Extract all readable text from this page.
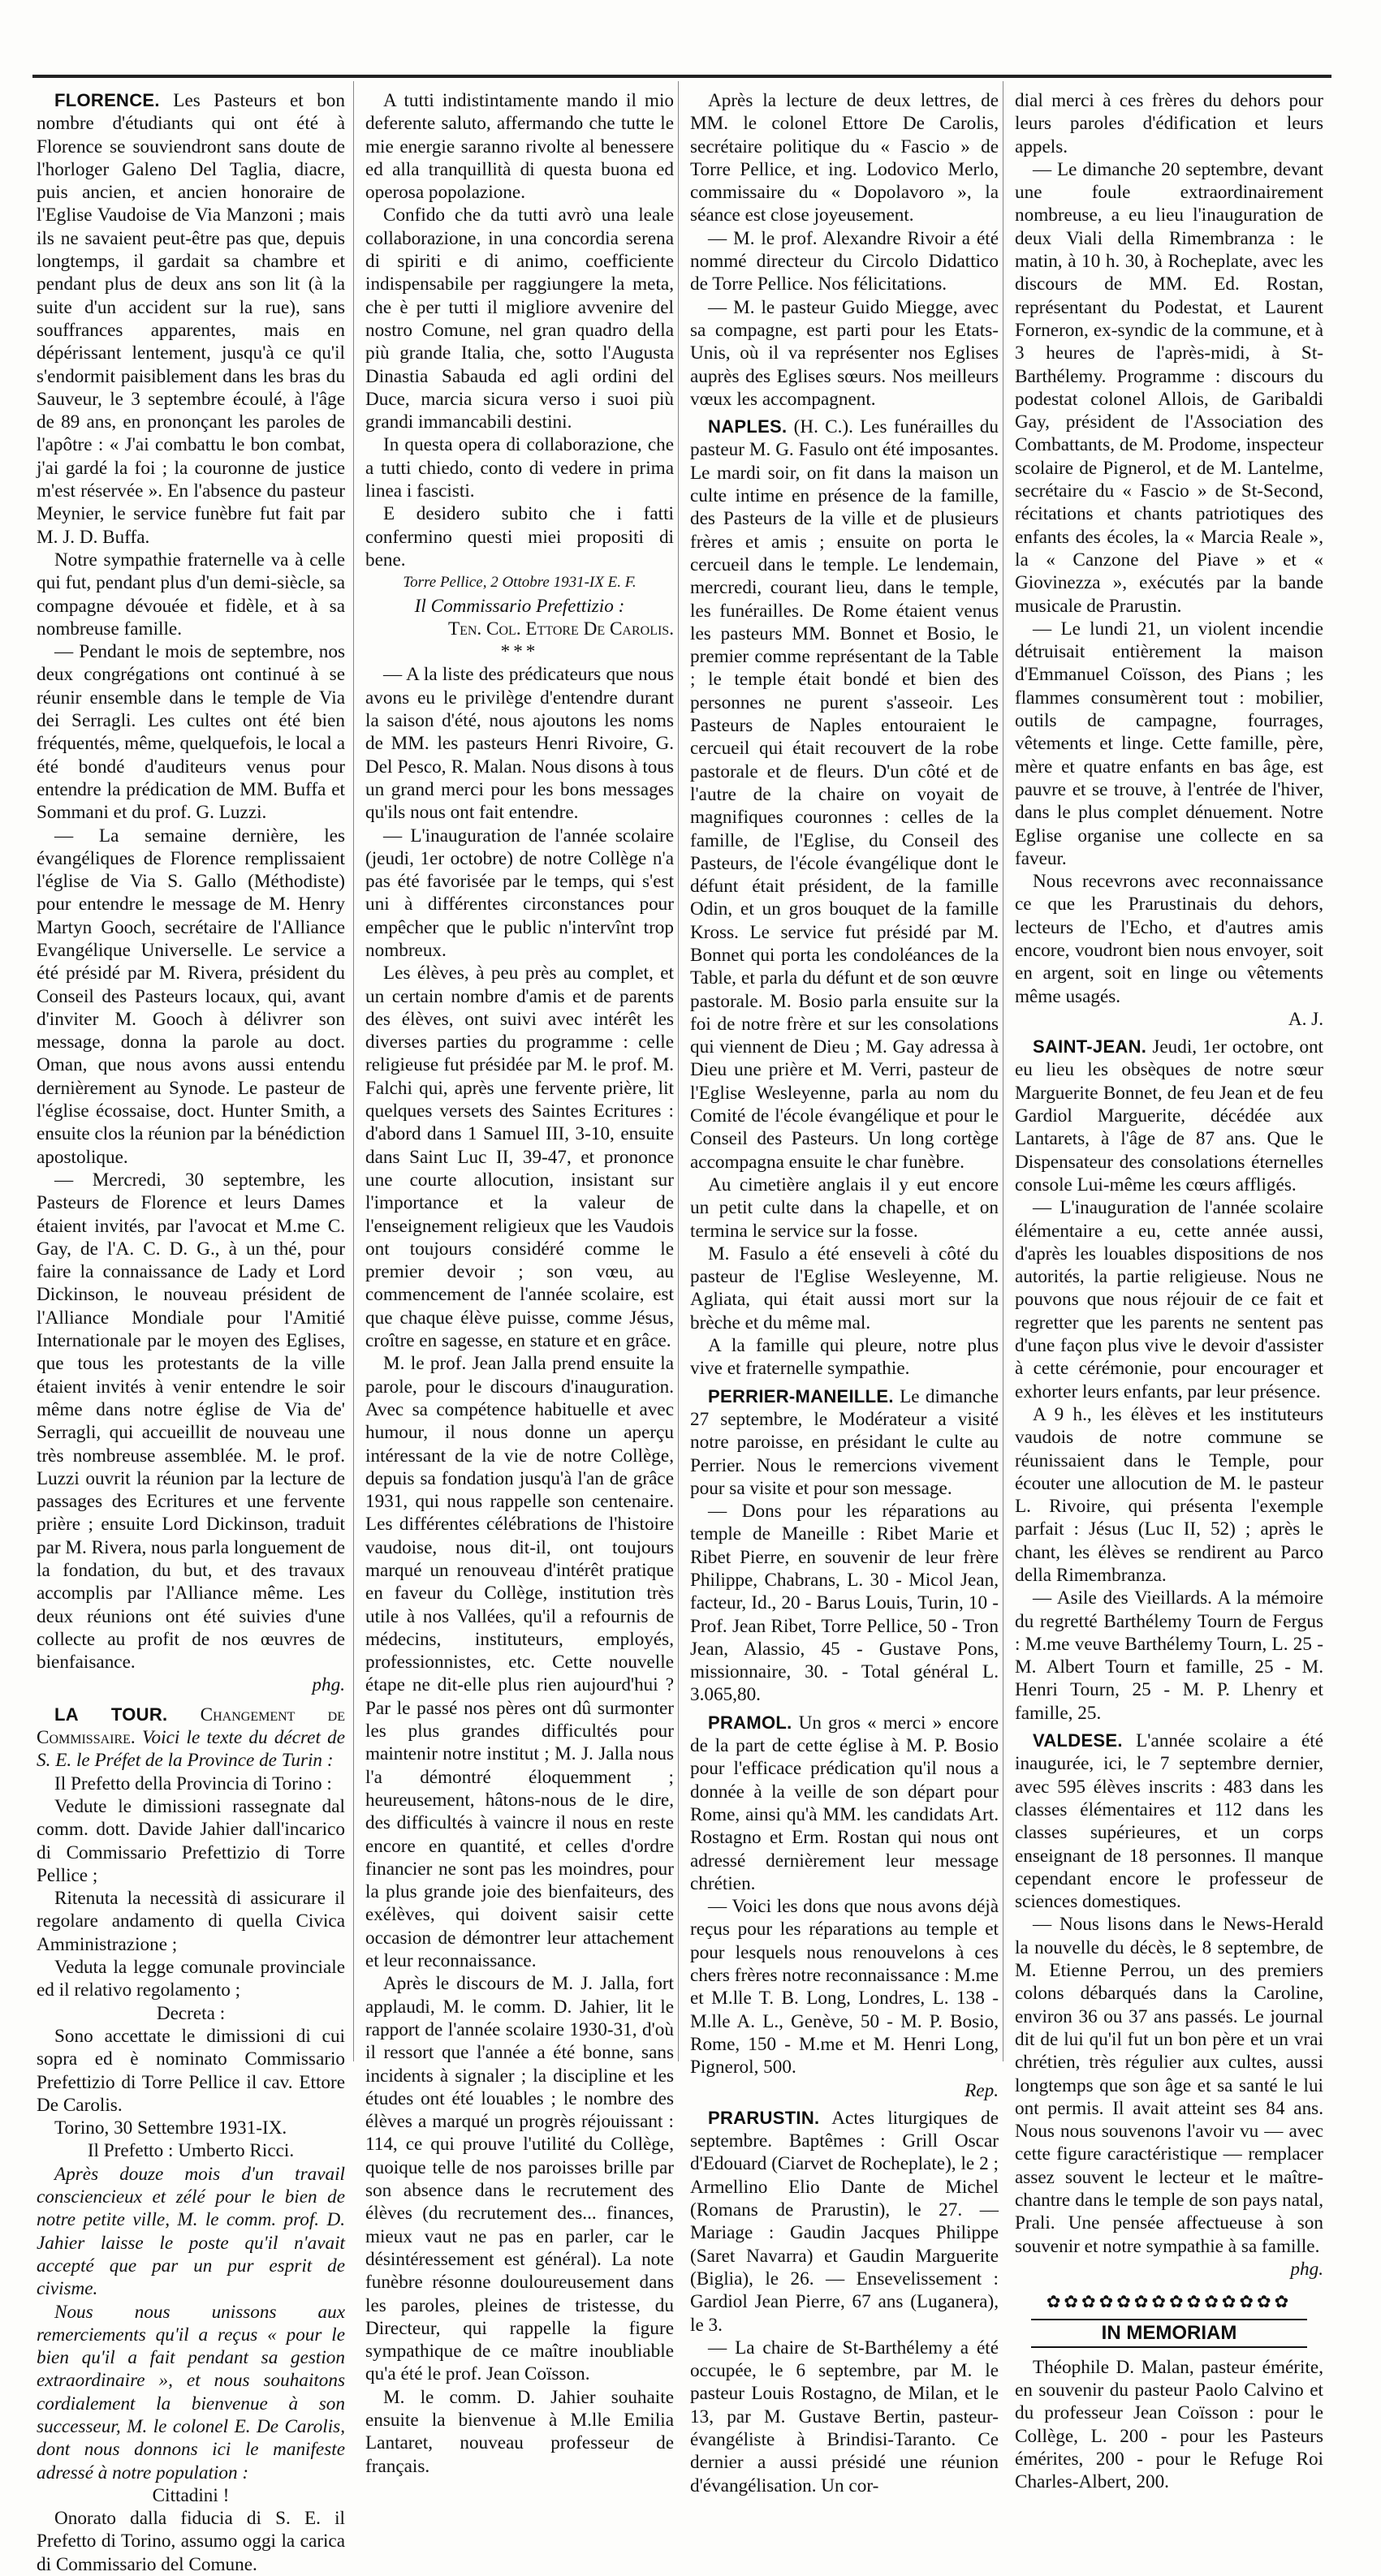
FLORENCE. Les Pasteurs et bon nombre d'étudiants qui ont été à Florence se souviendront sans doute de l'horloger Galeno Del Taglia, diacre, puis ancien, et ancien honoraire de l'Eglise Vaudoise de Via Manzoni ; mais ils ne savaient peut-être pas que, depuis longtemps, il gardait sa chambre et pendant plus de deux ans son lit (à la suite d'un accident sur la rue), sans souffrances apparentes, mais en dépérissant lentement, jusqu'à ce qu'il s'endormit paisiblement dans les bras du Sauveur, le 3 septembre écoulé, à l'âge de 89 ans, en prononçant les paroles de l'apôtre : « J'ai combattu le bon combat, j'ai gardé la foi ; la couronne de justice m'est réservée ». En l'absence du pasteur Meynier, le service funèbre fut fait par M. J. D. Buffa.

Notre sympathie fraternelle va à celle qui fut, pendant plus d'un demi-siècle, sa compagne dévouée et fidèle, et à sa nombreuse famille.

— Pendant le mois de septembre, nos deux congrégations ont continué à se réunir ensemble dans le temple de Via dei Serragli. Les cultes ont été bien fréquentés, même, quelquefois, le local a été bondé d'auditeurs venus pour entendre la prédication de MM. Buffa et Sommani et du prof. G. Luzzi.

— La semaine dernière, les évangéliques de Florence remplissaient l'église de Via S. Gallo (Méthodiste) pour entendre le message de M. Henry Martyn Gooch, secrétaire de l'Alliance Evangélique Universelle. Le service a été présidé par M. Rivera, président du Conseil des Pasteurs locaux, qui, avant d'inviter M. Gooch à délivrer son message, donna la parole au doct. Oman, que nous avons aussi entendu dernièrement au Synode. Le pasteur de l'église écossaise, doct. Hunter Smith, a ensuite clos la réunion par la bénédiction apostolique.

— Mercredi, 30 septembre, les Pasteurs de Florence et leurs Dames étaient invités, par l'avocat et M.me C. Gay, de l'A. C. D. G., à un thé, pour faire la connaissance de Lady et Lord Dickinson, le nouveau président de l'Alliance Mondiale pour l'Amitié Internationale par le moyen des Eglises, que tous les protestants de la ville étaient invités à venir entendre le soir même dans notre église de Via de' Serragli, qui accueillit de nouveau une très nombreuse assemblée. M. le prof. Luzzi ouvrit la réunion par la lecture de passages des Ecritures et une fervente prière ; ensuite Lord Dickinson, traduit par M. Rivera, nous parla longuement de la fondation, du but, et des travaux accomplis par l'Alliance même. Les deux réunions ont été suivies d'une collecte au profit de nos œuvres de bienfaisance.

phg.

LA TOUR. Changement de Commissaire. Voici le texte du décret de S. E. le Préfet de la Province de Turin :

Il Prefetto della Provincia di Torino :

Vedute le dimissioni rassegnate dal comm. dott. Davide Jahier dall'incarico di Commissario Prefettizio di Torre Pellice ;

Ritenuta la necessità di assicurare il regolare andamento di quella Civica Amministrazione ;

Veduta la legge comunale provinciale ed il relativo regolamento ;

Decreta :

Sono accettate le dimissioni di cui sopra ed è nominato Commissario Prefettizio di Torre Pellice il cav. Ettore De Carolis.

Torino, 30 Settembre 1931-IX.

Il Prefetto : Umberto Ricci.

Après douze mois d'un travail consciencieux et zélé pour le bien de notre petite ville, M. le comm. prof. D. Jahier laisse le poste qu'il n'avait accepté que par un pur esprit de civisme.

Nous nous unissons aux remerciements qu'il a reçus « pour le bien qu'il a fait pendant sa gestion extraordinaire », et nous souhaitons cordialement la bienvenue à son successeur, M. le colonel E. De Carolis, dont nous donnons ici le manifeste adressé à notre population :

Cittadini !

Onorato dalla fiducia di S. E. il Prefetto di Torino, assumo oggi la carica di Commissario del Comune.

A tutti indistintamente mando il mio deferente saluto, affermando che tutte le mie energie saranno rivolte al benessere ed alla tranquillità di questa buona ed operosa popolazione.

Confido che da tutti avrò una leale collaborazione, in una concordia serena di spiriti e di animo, coefficiente indispensabile per raggiungere la meta, che è per tutti il migliore avvenire del nostro Comune, nel gran quadro della più grande Italia, che, sotto l'Augusta Dinastia Sabauda ed agli ordini del Duce, marcia sicura verso i suoi più grandi immancabili destini.

In questa opera di collaborazione, che a tutti chiedo, conto di vedere in prima linea i fascisti.

E desidero subito che i fatti confermino questi miei propositi di bene.

Torre Pellice, 2 Ottobre 1931-IX E. F.

Il Commissario Prefettizio :

Ten. Col. Ettore De Carolis.

***

— A la liste des prédicateurs que nous avons eu le privilège d'entendre durant la saison d'été, nous ajoutons les noms de MM. les pasteurs Henri Rivoire, G. Del Pesco, R. Malan. Nous disons à tous un grand merci pour les bons messages qu'ils nous ont fait entendre.

— L'inauguration de l'année scolaire (jeudi, 1er octobre) de notre Collège n'a pas été favorisée par le temps, qui s'est uni à différentes circonstances pour empêcher que le public n'intervînt trop nombreux.

Les élèves, à peu près au complet, et un certain nombre d'amis et de parents des élèves, ont suivi avec intérêt les diverses parties du programme : celle religieuse fut présidée par M. le prof. M. Falchi qui, après une fervente prière, lit quelques versets des Saintes Ecritures : d'abord dans 1 Samuel III, 3-10, ensuite dans Saint Luc II, 39-47, et prononce une courte allocution, insistant sur l'importance et la valeur de l'enseignement religieux que les Vaudois ont toujours considéré comme le premier devoir ; son vœu, au commencement de l'année scolaire, est que chaque élève puisse, comme Jésus, croître en sagesse, en stature et en grâce.

M. le prof. Jean Jalla prend ensuite la parole, pour le discours d'inauguration. Avec sa compétence habituelle et avec humour, il nous donne un aperçu intéressant de la vie de notre Collège, depuis sa fondation jusqu'à l'an de grâce 1931, qui nous rappelle son centenaire. Les différentes célébrations de l'histoire vaudoise, nous dit-il, ont toujours marqué un renouveau d'intérêt pratique en faveur du Collège, institution très utile à nos Vallées, qu'il a refournis de médecins, instituteurs, employés, professionnistes, etc. Cette nouvelle étape ne dit-elle plus rien aujourd'hui ? Par le passé nos pères ont dû surmonter les plus grandes difficultés pour maintenir notre institut ; M. J. Jalla nous l'a démontré éloquemment ; heureusement, hâtons-nous de le dire, des difficultés à vaincre il nous en reste encore en quantité, et celles d'ordre financier ne sont pas les moindres, pour la plus grande joie des bienfaiteurs, des exélèves, qui doivent saisir cette occasion de démontrer leur attachement et leur reconnaissance.

Après le discours de M. J. Jalla, fort applaudi, M. le comm. D. Jahier, lit le rapport de l'année scolaire 1930-31, d'où il ressort que l'année a été bonne, sans incidents à signaler ; la discipline et les études ont été louables ; le nombre des élèves a marqué un progrès réjouissant : 114, ce qui prouve l'utilité du Collège, quoique telle de nos paroisses brille par son absence dans le recrutement des élèves (du recrutement des... finances, mieux vaut ne pas en parler, car le désintéressement est général). La note funèbre résonne douloureusement dans les paroles, pleines de tristesse, du Directeur, qui rappelle la figure sympathique de ce maître inoubliable qu'a été le prof. Jean Coïsson.

M. le comm. D. Jahier souhaite ensuite la bienvenue à M.lle Emilia Lantaret, nouveau professeur de français.

Après la lecture de deux lettres, de MM. le colonel Ettore De Carolis, secrétaire politique du « Fascio » de Torre Pellice, et ing. Lodovico Merlo, commissaire du « Dopolavoro », la séance est close joyeusement.

— M. le prof. Alexandre Rivoir a été nommé directeur du Circolo Didattico de Torre Pellice. Nos félicitations.

— M. le pasteur Guido Miegge, avec sa compagne, est parti pour les Etats-Unis, où il va représenter nos Eglises auprès des Eglises sœurs. Nos meilleurs vœux les accompagnent.

NAPLES. (H. C.). Les funérailles du pasteur M. G. Fasulo ont été imposantes. Le mardi soir, on fit dans la maison un culte intime en présence de la famille, des Pasteurs de la ville et de plusieurs frères et amis ; ensuite on porta le cercueil dans le temple. Le lendemain, mercredi, courant lieu, dans le temple, les funérailles. De Rome étaient venus les pasteurs MM. Bonnet et Bosio, le premier comme représentant de la Table ; le temple était bondé et bien des personnes ne purent s'asseoir. Les Pasteurs de Naples entouraient le cercueil qui était recouvert de la robe pastorale et de fleurs. D'un côté et de l'autre de la chaire on voyait de magnifiques couronnes : celles de la famille, de l'Eglise, du Conseil des Pasteurs, de l'école évangélique dont le défunt était président, de la famille Odin, et un gros bouquet de la famille Kross. Le service fut présidé par M. Bonnet qui porta les condoléances de la Table, et parla du défunt et de son œuvre pastorale. M. Bosio parla ensuite sur la foi de notre frère et sur les consolations qui viennent de Dieu ; M. Gay adressa à Dieu une prière et M. Verri, pasteur de l'Eglise Wesleyenne, parla au nom du Comité de l'école évangélique et pour le Conseil des Pasteurs. Un long cortège accompagna ensuite le char funèbre.

Au cimetière anglais il y eut encore un petit culte dans la chapelle, et on termina le service sur la fosse.

M. Fasulo a été enseveli à côté du pasteur de l'Eglise Wesleyenne, M. Agliata, qui était aussi mort sur la brèche et du même mal.

A la famille qui pleure, notre plus vive et fraternelle sympathie.

PERRIER-MANEILLE. Le dimanche 27 septembre, le Modérateur a visité notre paroisse, en présidant le culte au Perrier. Nous le remercions vivement pour sa visite et pour son message.

— Dons pour les réparations au temple de Maneille : Ribet Marie et Ribet Pierre, en souvenir de leur frère Philippe, Chabrans, L. 30 - Micol Jean, facteur, Id., 20 - Barus Louis, Turin, 10 - Prof. Jean Ribet, Torre Pellice, 50 - Tron Jean, Alassio, 45 - Gustave Pons, missionnaire, 30. - Total général L. 3.065,80.

PRAMOL. Un gros « merci » encore de la part de cette église à M. P. Bosio pour l'efficace prédication qu'il nous a donnée à la veille de son départ pour Rome, ainsi qu'à MM. les candidats Art. Rostagno et Erm. Rostan qui nous ont adressé dernièrement leur message chrétien.

— Voici les dons que nous avons déjà reçus pour les réparations au temple et pour lesquels nous renouvelons à ces chers frères notre reconnaissance : M.me et M.lle T. B. Long, Londres, L. 138 - M.lle A. L., Genève, 50 - M. P. Bosio, Rome, 150 - M.me et M. Henri Long, Pignerol, 500.

Rep.

PRARUSTIN. Actes liturgiques de septembre. Baptêmes : Grill Oscar d'Edouard (Ciarvet de Rocheplate), le 2 ; Armellino Elio Dante de Michel (Romans de Prarustin), le 27. — Mariage : Gaudin Jacques Philippe (Saret Navarra) et Gaudin Marguerite (Biglia), le 26. — Ensevelissement : Gardiol Jean Pierre, 67 ans (Luganera), le 3.

— La chaire de St-Barthélemy a été occupée, le 6 septembre, par M. le pasteur Louis Rostagno, de Milan, et le 13, par M. Gustave Bertin, pasteur-évangéliste à Brindisi-Taranto. Ce dernier a aussi présidé une réunion d'évangélisation. Un cor-

dial merci à ces frères du dehors pour leurs paroles d'édification et leurs appels.

— Le dimanche 20 septembre, devant une foule extraordinairement nombreuse, a eu lieu l'inauguration de deux Viali della Rimembranza : le matin, à 10 h. 30, à Rocheplate, avec les discours de MM. Ed. Rostan, représentant du Podestat, et Laurent Forneron, ex-syndic de la commune, et à 3 heures de l'après-midi, à St-Barthélemy. Programme : discours du podestat colonel Allois, de Garibaldi Gay, président de l'Association des Combattants, de M. Prodome, inspecteur scolaire de Pignerol, et de M. Lantelme, secrétaire du « Fascio » de St-Second, récitations et chants patriotiques des enfants des écoles, la « Marcia Reale », la « Canzone del Piave » et « Giovinezza », exécutés par la bande musicale de Prarustin.

— Le lundi 21, un violent incendie détruisait entièrement la maison d'Emmanuel Coïsson, des Pians ; les flammes consumèrent tout : mobilier, outils de campagne, fourrages, vêtements et linge. Cette famille, père, mère et quatre enfants en bas âge, est pauvre et se trouve, à l'entrée de l'hiver, dans le plus complet dénuement. Notre Eglise organise une collecte en sa faveur.

Nous recevrons avec reconnaissance ce que les Prarustinais du dehors, lecteurs de l'Echo, et d'autres amis encore, voudront bien nous envoyer, soit en argent, soit en linge ou vêtements même usagés.

A. J.

SAINT-JEAN. Jeudi, 1er octobre, ont eu lieu les obsèques de notre sœur Marguerite Bonnet, de feu Jean et de feu Gardiol Marguerite, décédée aux Lantarets, à l'âge de 87 ans. Que le Dispensateur des consolations éternelles console Lui-même les cœurs affligés.

— L'inauguration de l'année scolaire élémentaire a eu, cette année aussi, d'après les louables dispositions de nos autorités, la partie religieuse. Nous ne pouvons que nous réjouir de ce fait et regretter que les parents ne sentent pas d'une façon plus vive le devoir d'assister à cette cérémonie, pour encourager et exhorter leurs enfants, par leur présence.

A 9 h., les élèves et les instituteurs vaudois de notre commune se réunissaient dans le Temple, pour écouter une allocution de M. le pasteur L. Rivoire, qui présenta l'exemple parfait : Jésus (Luc II, 52) ; après le chant, les élèves se rendirent au Parco della Rimembranza.

— Asile des Vieillards. A la mémoire du regretté Barthélemy Tourn de Fergus : M.me veuve Barthélemy Tourn, L. 25 - M. Albert Tourn et famille, 25 - M. Henri Tourn, 25 - M. P. Lhenry et famille, 25.

VALDESE. L'année scolaire a été inaugurée, ici, le 7 septembre dernier, avec 595 élèves inscrits : 483 dans les classes élémentaires et 112 dans les classes supérieures, et un corps enseignant de 18 personnes. Il manque cependant encore le professeur de sciences domestiques.

— Nous lisons dans le News-Herald la nouvelle du décès, le 8 septembre, de M. Etienne Perrou, un des premiers colons débarqués dans la Caroline, environ 36 ou 37 ans passés. Le journal dit de lui qu'il fut un bon père et un vrai chrétien, très régulier aux cultes, aussi longtemps que son âge et sa santé le lui ont permis. Il avait atteint ses 84 ans. Nous nous souvenons l'avoir vu — avec cette figure caractéristique — remplacer assez souvent le lecteur et le maître-chantre dans le temple de son pays natal, Prali. Une pensée affectueuse à son souvenir et notre sympathie à sa famille.

phg.

✿✿✿✿✿✿✿✿✿✿✿✿✿✿
IN MEMORIAM

Théophile D. Malan, pasteur émérite, en souvenir du pasteur Paolo Calvino et du professeur Jean Coïsson : pour le Collège, L. 200 - pour les Pasteurs émérites, 200 - pour le Refuge Roi Charles-Albert, 200.
